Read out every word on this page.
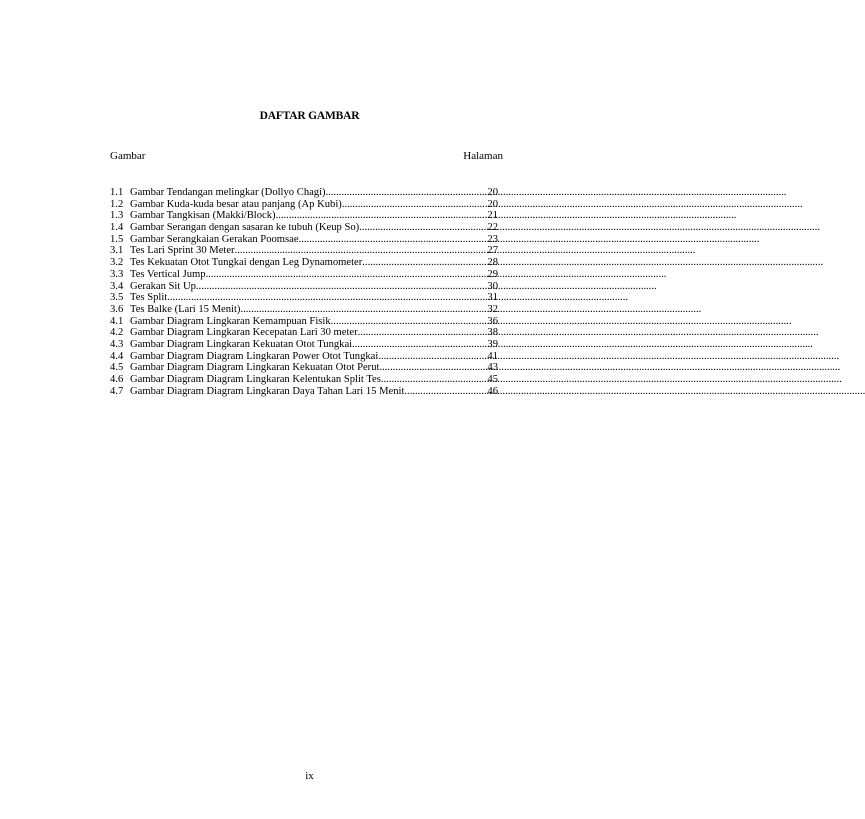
DAFTAR GAMBAR
Gambar	Halaman
1.1 Gambar Tendangan melingkar (Dollyo Chagi) .....	20
1.2 Gambar Kuda-kuda besar atau panjang (Ap Kubi) .....	20
1.3 Gambar Tangkisan (Makki/Block) .....	21
1.4 Gambar Serangan dengan sasaran ke tubuh (Keup So) .....	22
1.5 Gambar Serangkaian Gerakan Poomsae .....	23
3.1 Tes Lari Sprint 30 Meter .....	27
3.2 Tes Kekuatan Otot Tungkai dengan Leg Dynamometer .....	28
3.3 Tes Vertical Jump .....	29
3.4 Gerakan Sit Up .....	30
3.5 Tes Split .....	31
3.6 Tes Balke (Lari 15 Menit) .....	32
4.1 Gambar Diagram Lingkaran Kemampuan Fisik .....	36
4.2 Gambar Diagram Lingkaran Kecepatan Lari 30 meter .....	38
4.3 Gambar Diagram Lingkaran Kekuatan Otot Tungkai .....	39
4.4 Gambar Diagram Diagram Lingkaran Power Otot Tungkai .....	41
4.5 Gambar Diagram Diagram Lingkaran Kekuatan Otot Perut .....	43
4.6 Gambar Diagram Diagram Lingkaran Kelentukan Split Tes .....	45
4.7 Gambar Diagram Diagram Lingkaran Daya Tahan Lari 15 Menit .....	46
ix
